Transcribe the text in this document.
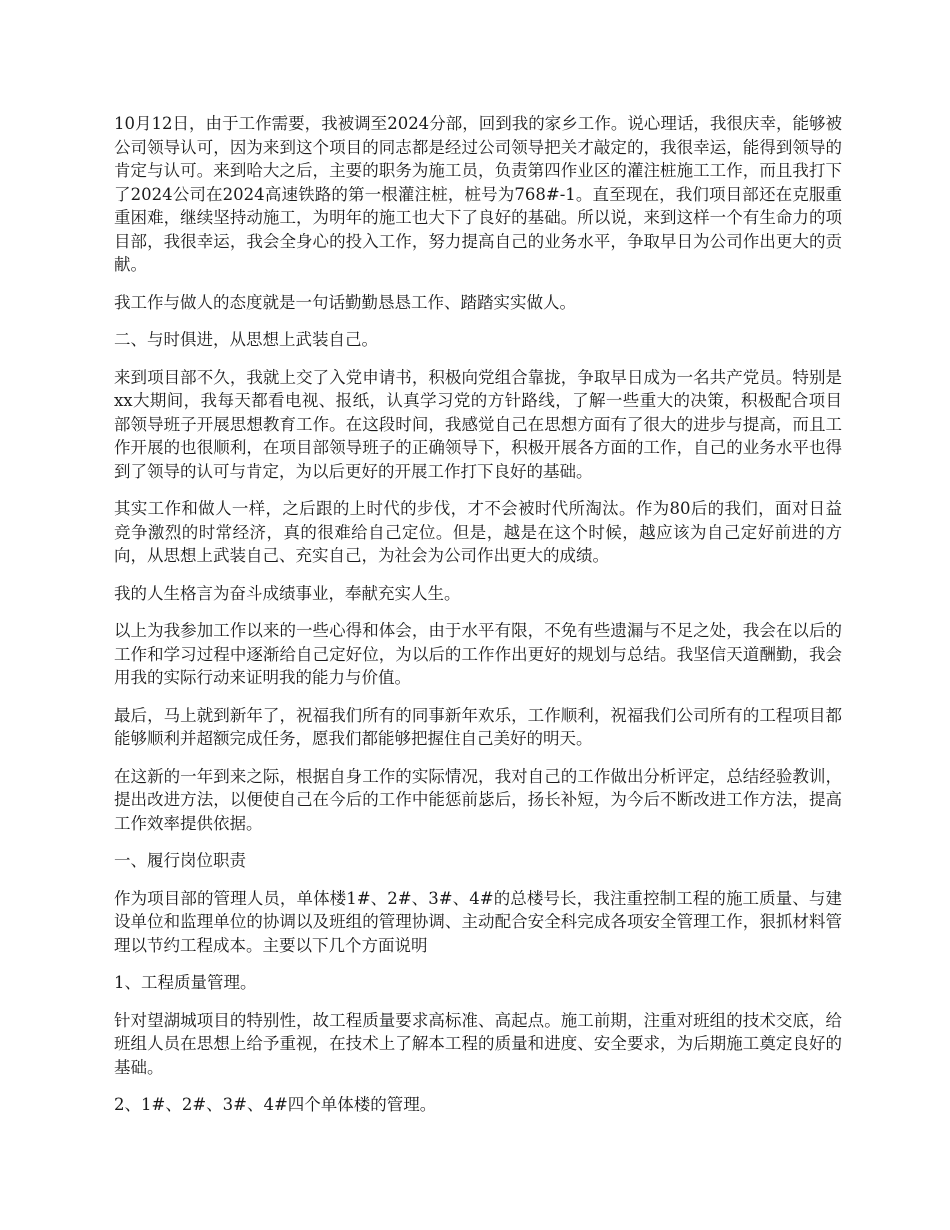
10月12日，由于工作需要，我被调至2024分部，回到我的家乡工作。说心理话，我很庆幸，能够被公司领导认可，因为来到这个项目的同志都是经过公司领导把关才敲定的，我很幸运，能得到领导的肯定与认可。来到哈大之后，主要的职务为施工员，负责第四作业区的灌注桩施工工作，而且我打下了2024公司在2024高速铁路的第一根灌注桩，桩号为768#-1。直至现在，我们项目部还在克服重重困难，继续坚持动施工，为明年的施工也大下了良好的基础。所以说，来到这样一个有生命力的项目部，我很幸运，我会全身心的投入工作，努力提高自己的业务水平，争取早日为公司作出更大的贡献。

我工作与做人的态度就是一句话勤勤恳恳工作、踏踏实实做人。

二、与时俱进，从思想上武装自己。

来到项目部不久，我就上交了入党申请书，积极向党组合靠拢，争取早日成为一名共产党员。特别是xx大期间，我每天都看电视、报纸，认真学习党的方针路线，了解一些重大的决策，积极配合项目部领导班子开展思想教育工作。在这段时间，我感觉自己在思想方面有了很大的进步与提高，而且工作开展的也很顺利，在项目部领导班子的正确领导下，积极开展各方面的工作，自己的业务水平也得到了领导的认可与肯定，为以后更好的开展工作打下良好的基础。

其实工作和做人一样，之后跟的上时代的步伐，才不会被时代所淘汰。作为80后的我们，面对日益竞争激烈的时常经济，真的很难给自己定位。但是，越是在这个时候，越应该为自己定好前进的方向，从思想上武装自己、充实自己，为社会为公司作出更大的成绩。

我的人生格言为奋斗成绩事业，奉献充实人生。

以上为我参加工作以来的一些心得和体会，由于水平有限，不免有些遗漏与不足之处，我会在以后的工作和学习过程中逐渐给自己定好位，为以后的工作作出更好的规划与总结。我坚信天道酬勤，我会用我的实际行动来证明我的能力与价值。

最后，马上就到新年了，祝福我们所有的同事新年欢乐，工作顺利，祝福我们公司所有的工程项目都能够顺利并超额完成任务，愿我们都能够把握住自己美好的明天。

在这新的一年到来之际，根据自身工作的实际情况，我对自己的工作做出分析评定，总结经验教训，提出改进方法，以便使自己在今后的工作中能惩前毖后，扬长补短，为今后不断改进工作方法，提高工作效率提供依据。

一、履行岗位职责

作为项目部的管理人员，单体楼1#、2#、3#、4#的总楼号长，我注重控制工程的施工质量、与建设单位和监理单位的协调以及班组的管理协调、主动配合安全科完成各项安全管理工作，狠抓材料管理以节约工程成本。主要以下几个方面说明

1、工程质量管理。

针对望湖城项目的特别性，故工程质量要求高标准、高起点。施工前期，注重对班组的技术交底，给班组人员在思想上给予重视，在技术上了解本工程的质量和进度、安全要求，为后期施工奠定良好的基础。

2、1#、2#、3#、4#四个单体楼的管理。
